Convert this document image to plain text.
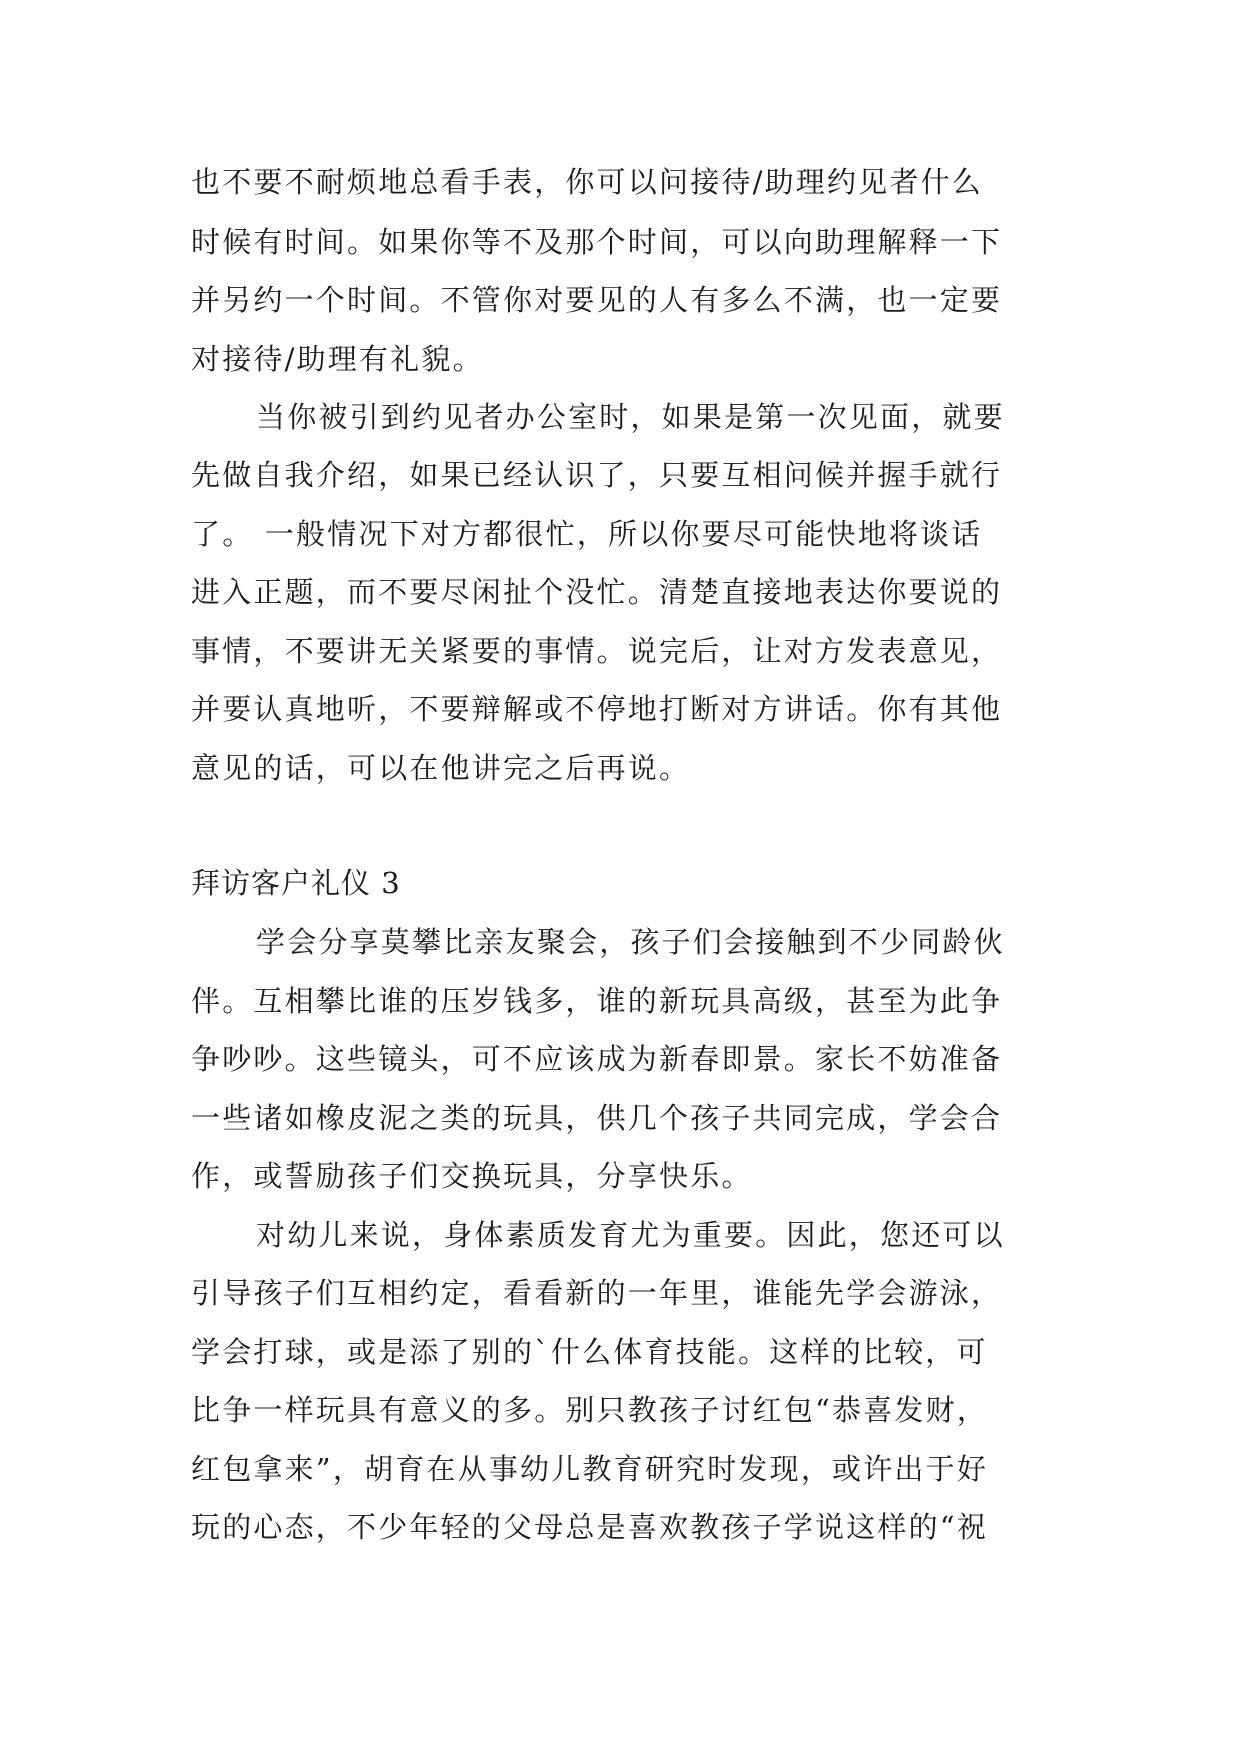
也不要不耐烦地总看手表，你可以问接待/助理约见者什么
时候有时间。如果你等不及那个时间，可以向助理解释一下
并另约一个时间。不管你对要见的人有多么不满，也一定要
对接待/助理有礼貌。
当你被引到约见者办公室时，如果是第一次见面，就要
先做自我介绍，如果已经认识了，只要互相问候并握手就行
了。 一般情况下对方都很忙，所以你要尽可能快地将谈话
进入正题，而不要尽闲扯个没忙。清楚直接地表达你要说的
事情，不要讲无关紧要的事情。说完后，让对方发表意见，
并要认真地听，不要辩解或不停地打断对方讲话。你有其他
意见的话，可以在他讲完之后再说。
拜访客户礼仪 3
学会分享莫攀比亲友聚会，孩子们会接触到不少同龄伙
伴。互相攀比谁的压岁钱多，谁的新玩具高级，甚至为此争
争吵吵。这些镜头，可不应该成为新春即景。家长不妨准备
一些诸如橡皮泥之类的玩具，供几个孩子共同完成，学会合
作，或誓励孩子们交换玩具，分享快乐。
对幼儿来说，身体素质发育尤为重要。因此，您还可以
引导孩子们互相约定，看看新的一年里，谁能先学会游泳，
学会打球，或是添了别的`什么体育技能。这样的比较，可
比争一样玩具有意义的多。别只教孩子讨红包“恭喜发财，
红包拿来”，胡育在从事幼儿教育研究时发现，或许出于好
玩的心态，不少年轻的父母总是喜欢教孩子学说这样的“祝
